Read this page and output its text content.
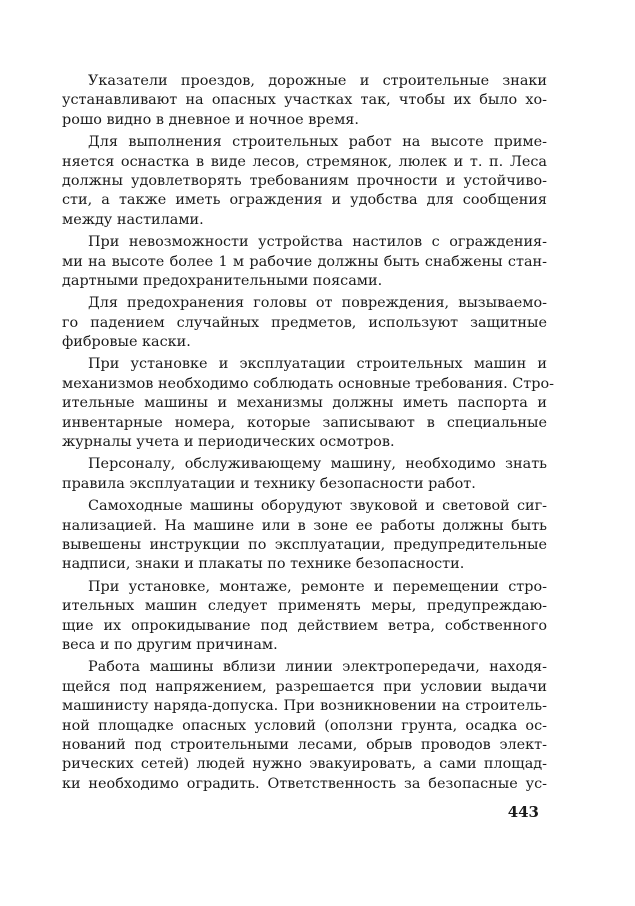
Указатели проездов, дорожные и строительные знаки
устанавливают на опасных участках так, чтобы их было хо-
рошо видно в дневное и ночное время.
Для выполнения строительных работ на высоте приме-
няется оснастка в виде лесов, стремянок, люлек и т. п. Леса
должны удовлетворять требованиям прочности и устойчиво-
сти, а также иметь ограждения и удобства для сообщения
между настилами.
При невозможности устройства настилов с ограждения-
ми на высоте более 1 м рабочие должны быть снабжены стан-
дартными предохранительными поясами.
Для предохранения головы от повреждения, вызываемо-
го падением случайных предметов, используют защитные
фибровые каски.
При установке и эксплуатации строительных машин и
механизмов необходимо соблюдать основные требования. Стро-
ительные машины и механизмы должны иметь паспорта и
инвентарные номера, которые записывают в специальные
журналы учета и периодических осмотров.
Персоналу, обслуживающему машину, необходимо знать
правила эксплуатации и технику безопасности работ.
Самоходные машины оборудуют звуковой и световой сиг-
нализацией. На машине или в зоне ее работы должны быть
вывешены инструкции по эксплуатации, предупредительные
надписи, знаки и плакаты по технике безопасности.
При установке, монтаже, ремонте и перемещении стро-
ительных машин следует применять меры, предупреждаю-
щие их опрокидывание под действием ветра, собственного
веса и по другим причинам.
Работа машины вблизи линии электропередачи, находя-
щейся под напряжением, разрешается при условии выдачи
машинисту наряда-допуска. При возникновении на строитель-
ной площадке опасных условий (оползни грунта, осадка ос-
нований под строительными лесами, обрыв проводов элект-
рических сетей) людей нужно эвакуировать, а сами площад-
ки необходимо оградить. Ответственность за безопасные ус-
443
